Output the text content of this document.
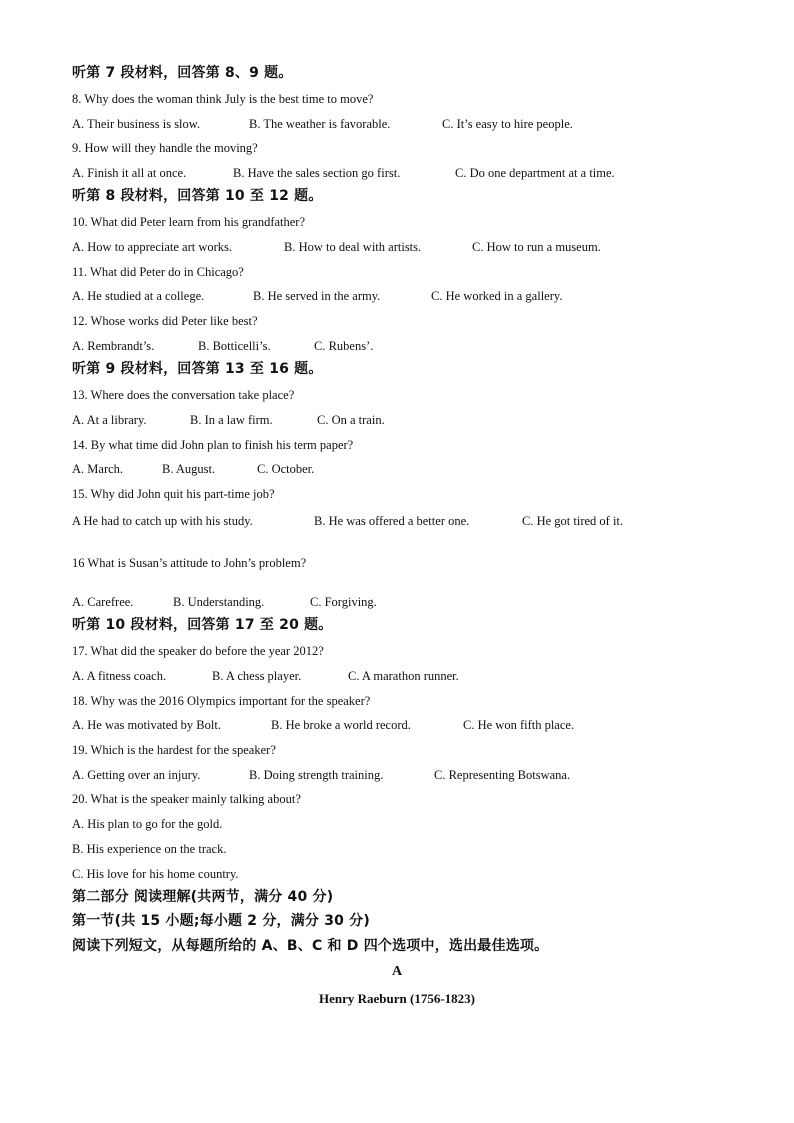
听第 7 段材料，回答第 8、9 题。
8. Why does the woman think July is the best time to move?
A. Their business is slow.	B. The weather is favorable.	C. It’s easy to hire people.
9. How will they handle the moving?
A. Finish it all at once.	B. Have the sales section go first.	C. Do one department at a time.
听第 8 段材料，回答第 10 至 12 题。
10. What did Peter learn from his grandfather?
A. How to appreciate art works.	B. How to deal with artists.	C. How to run a museum.
11. What did Peter do in Chicago?
A. He studied at a college.	B. He served in the army.	C. He worked in a gallery.
12. Whose works did Peter like best?
A. Rembrandt’s.	B. Botticelli’s.	C. Rubens’.
听第 9 段材料，回答第 13 至 16 题。
13. Where does the conversation take place?
A. At a library.	B. In a law firm.	C. On a train.
14. By what time did John plan to finish his term paper?
A. March.	B. August.	C. October.
15. Why did John quit his part-time job?
A He had to catch up with his study.	B. He was offered a better one.	C. He got tired of it.
16 What is Susan’s attitude to John’s problem?
A. Carefree.	B. Understanding.	C. Forgiving.
听第 10 段材料，回答第 17 至 20 题。
17. What did the speaker do before the year 2012?
A. A fitness coach.	B. A chess player.	C. A marathon runner.
18. Why was the 2016 Olympics important for the speaker?
A. He was motivated by Bolt.	B. He broke a world record.	C. He won fifth place.
19. Which is the hardest for the speaker?
A. Getting over an injury.	B. Doing strength training.	C. Representing Botswana.
20. What is the speaker mainly talking about?
A. His plan to go for the gold.
B. His experience on the track.
C. His love for his home country.
第二部分 阅读理解(共两节，满分 40 分)
第一节(共 15 小题;每小题 2 分，满分 30 分)
阅读下列短文，从每题所给的 A、B、C 和 D 四个选项中，选出最佳选项。
A
Henry Raeburn (1756-1823)
